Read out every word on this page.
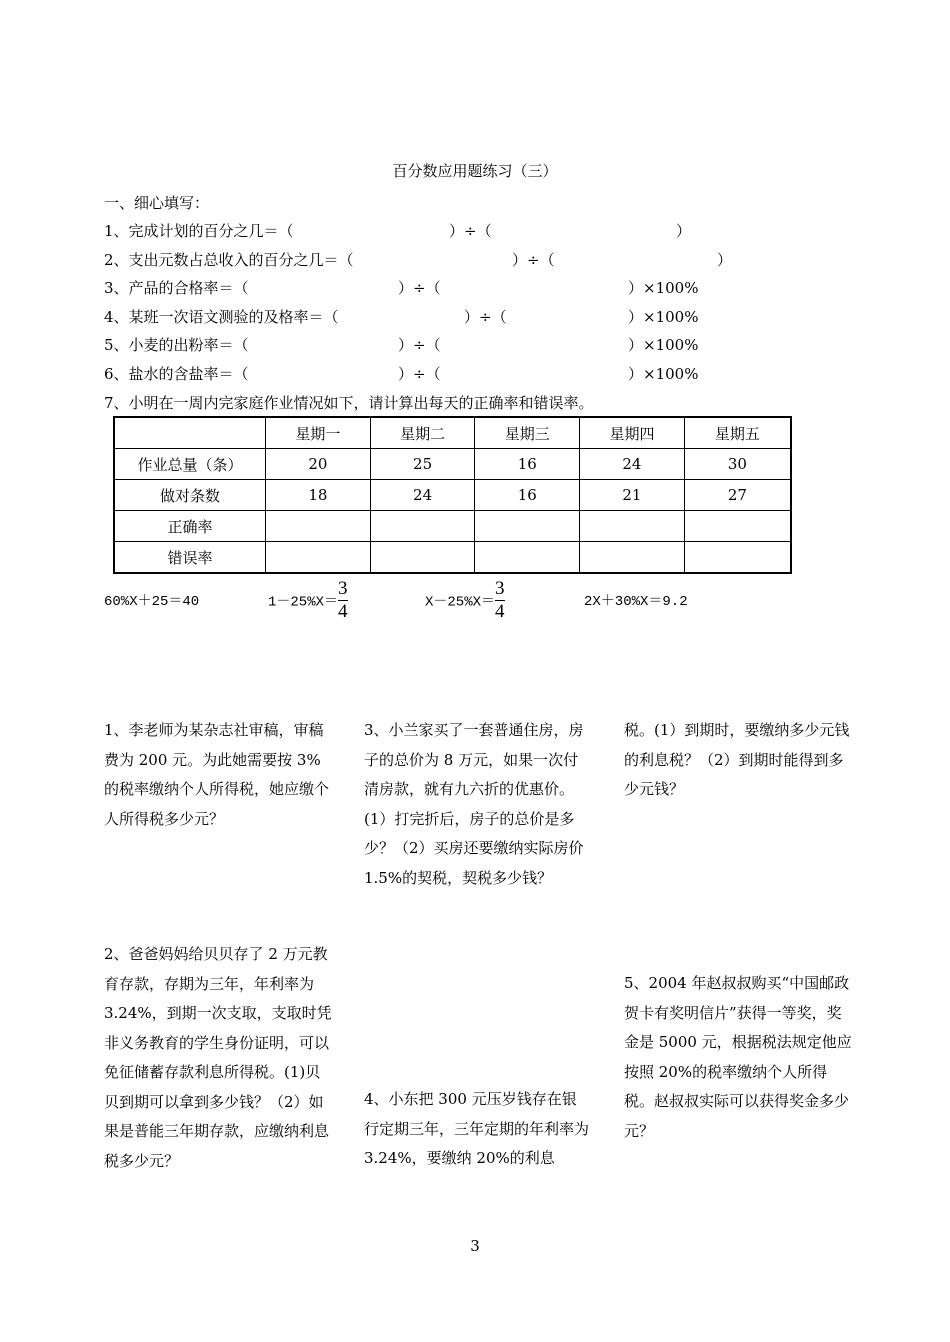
百分数应用题练习（三）
一、细心填写：
1、完成计划的百分之几＝（	）÷（	）
2、支出元数占总收入的百分之几＝（	）÷（	）
3、产品的合格率＝（	）÷（	）×100%
4、某班一次语文测验的及格率＝（	）÷（	）×100%
5、小麦的出粉率＝（	）÷（	）×100%
6、盐水的含盐率＝（	）÷（	）×100%
7、小明在一周内完家庭作业情况如下，请计算出每天的正确率和错误率。
	星期一	星期二	星期三	星期四	星期五
作业总量（条）	20	25	16	24	30
做对条数	18	24	16	21	27
正确率					
错误率					
60%X＋25＝40	$1-25\%X= \frac{3}{4}$	$X-25\%X= \frac{3}{4}$	2X＋30%X＝9.2
1、李老师为某杂志社审稿，审稿费为 200 元。为此她需要按 3%的税率缴纳个人所得税，她应缴个人所得税多少元？
2、爸爸妈妈给贝贝存了 2 万元教育存款，存期为三年，年利率为 3.24%，到期一次支取，支取时凭非义务教育的学生身份证明，可以免征储蓄存款利息所得税。(1)贝贝到期可以拿到多少钱？（2）如果是普能三年期存款，应缴纳利息税多少元？
3、小兰家买了一套普通住房，房子的总价为 8 万元，如果一次付清房款，就有九六折的优惠价。(1）打完折后，房子的总价是多少？（2）买房还要缴纳实际房价 1.5%的契税，契税多少钱？
4、小东把 300 元压岁钱存在银行定期三年，三年定期的年利率为 3.24%，要缴纳 20%的利息
税。(1）到期时，要缴纳多少元钱的利息税？（2）到期时能得到多少元钱？
5、2004 年赵叔叔购买“中国邮政贺卡有奖明信片”获得一等奖，奖金是 5000 元，根据税法规定他应按照 20%的税率缴纳个人所得税。赵叔叔实际可以获得奖金多少元？
3
